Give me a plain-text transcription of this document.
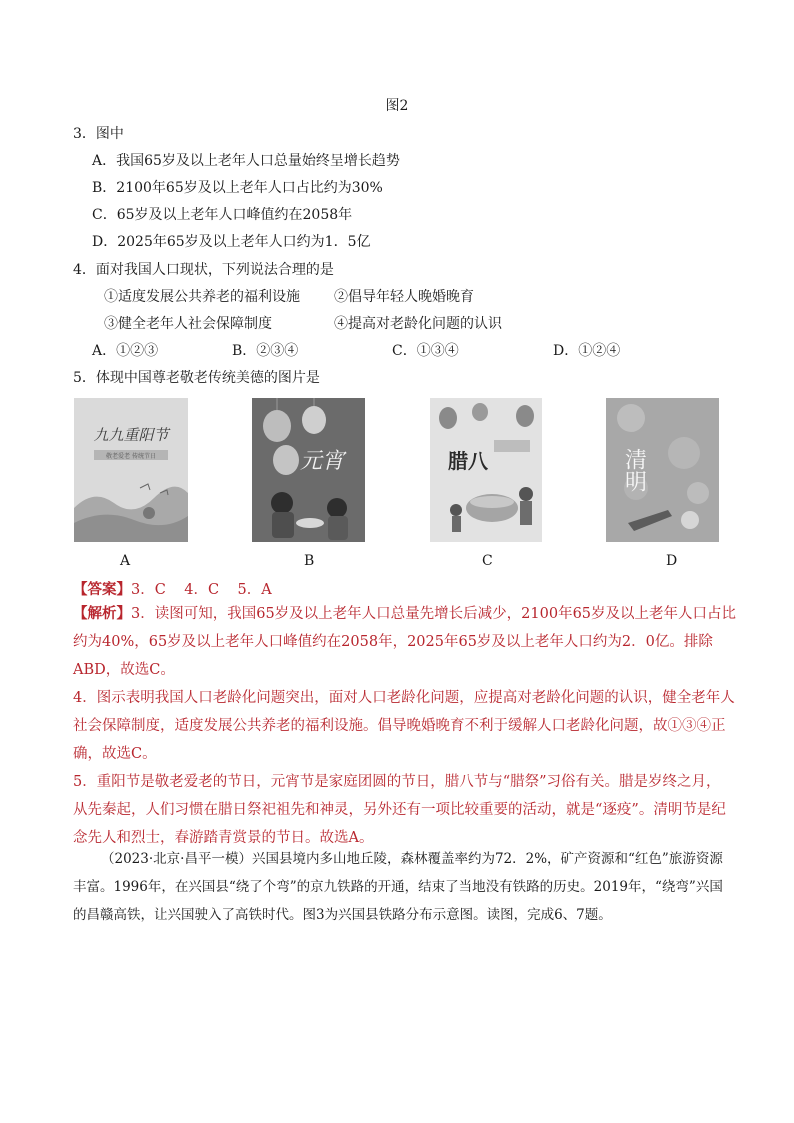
图2
3．图中
A．我国65岁及以上老年人口总量始终呈增长趋势
B．2100年65岁及以上老年人口占比约为30%
C．65岁及以上老年人口峰值约在2058年
D．2025年65岁及以上老年人口约为1．5亿
4．面对我国人口现状，下列说法合理的是
①适度发展公共养老的福利设施 ②倡导年轻人晚婚晚育
③健全老年人社会保障制度	④提高对老龄化问题的认识
A．①②③	B．②③④	C．①③④	D．①②④
5．体现中国尊老敬老传统美德的图片是
九九重阳节
敬老爱老 传统节日
A
元宵
B
腊八
C
清明
D
【答案】3．C    4．C    5．A
【解析】3．读图可知，我国65岁及以上老年人口总量先增长后减少，2100年65岁及以上老年人口占比约为40%，65岁及以上老年人口峰值约在2058年，2025年65岁及以上老年人口约为2．0亿。排除ABD，故选C。
4．图示表明我国人口老龄化问题突出，面对人口老龄化问题，应提高对老龄化问题的认识，健全老年人社会保障制度，适度发展公共养老的福利设施。倡导晚婚晚育不利于缓解人口老龄化问题，故①③④正确，故选C。
5．重阳节是敬老爱老的节日，元宵节是家庭团圆的节日，腊八节与“腊祭”习俗有关。腊是岁终之月，从先秦起，人们习惯在腊日祭祀祖先和神灵，另外还有一项比较重要的活动，就是“逐疫”。清明节是纪念先人和烈士，春游踏青赏景的节日。故选A。
（2023·北京·昌平一模）兴国县境内多山地丘陵，森林覆盖率约为72．2%，矿产资源和“红色”旅游资源丰富。1996年，在兴国县“绕了个弯”的京九铁路的开通，结束了当地没有铁路的历史。2019年，“绕弯”兴国的昌赣高铁，让兴国驶入了高铁时代。图3为兴国县铁路分布示意图。读图，完成6、7题。
